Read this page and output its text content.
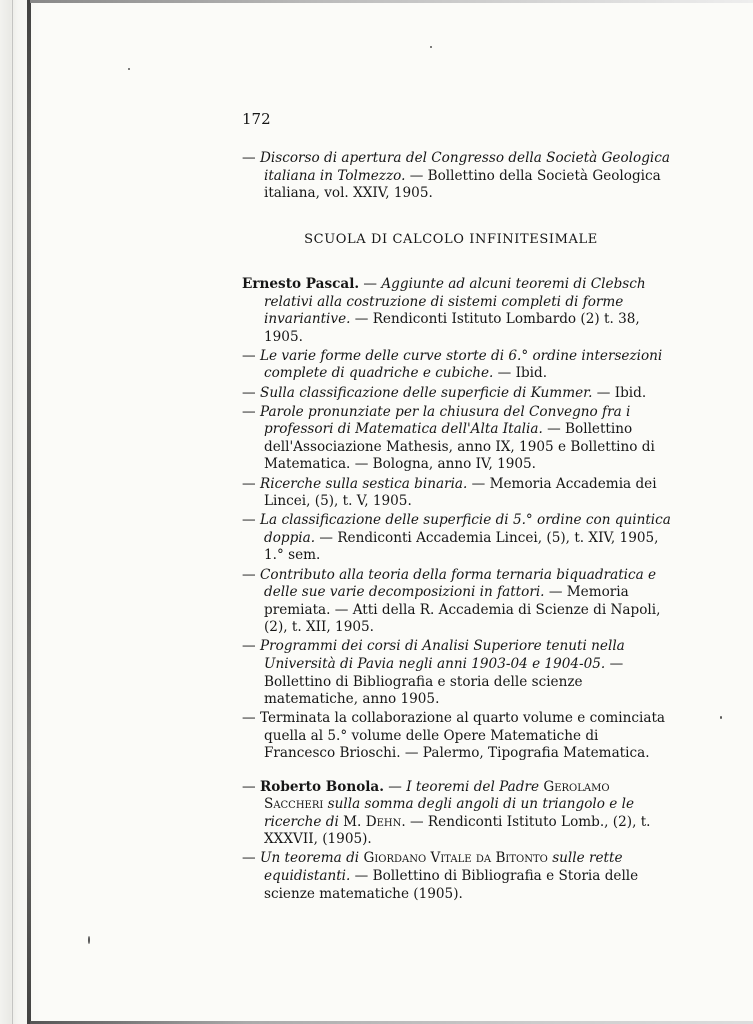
172

— Discorso di apertura del Congresso della Società Geologica italiana in Tolmezzo. — Bollettino della Società Geologica italiana, vol. XXIV, 1905.

SCUOLA DI CALCOLO INFINITESIMALE

Ernesto Pascal. — Aggiunte ad alcuni teoremi di Clebsch relativi alla costruzione di sistemi completi di forme invariantive. — Rendiconti Istituto Lombardo (2) t. 38, 1905.

— Le varie forme delle curve storte di 6.° ordine intersezioni complete di quadriche e cubiche. — Ibid.

— Sulla classificazione delle superficie di Kummer. — Ibid.

— Parole pronunziate per la chiusura del Convegno fra i professori di Matematica dell'Alta Italia. — Bollettino dell'Associazione Mathesis, anno IX, 1905 e Bollettino di Matematica. — Bologna, anno IV, 1905.

— Ricerche sulla sestica binaria. — Memoria Accademia dei Lincei, (5), t. V, 1905.

— La classificazione delle superficie di 5.° ordine con quintica doppia. — Rendiconti Accademia Lincei, (5), t. XIV, 1905, 1.° sem.

— Contributo alla teoria della forma ternaria biquadratica e delle sue varie decomposizioni in fattori. — Memoria premiata. — Atti della R. Accademia di Scienze di Napoli, (2), t. XII, 1905.

— Programmi dei corsi di Analisi Superiore tenuti nella Università di Pavia negli anni 1903-04 e 1904-05. — Bollettino di Bibliografia e storia delle scienze matematiche, anno 1905.

— Terminata la collaborazione al quarto volume e cominciata quella al 5.° volume delle Opere Matematiche di Francesco Brioschi. — Palermo, Tipografia Matematica.

— Roberto Bonola. — I teoremi del Padre Gerolamo Saccheri sulla somma degli angoli di un triangolo e le ricerche di M. Dehn. — Rendiconti Istituto Lomb., (2), t. XXXVII, (1905).

— Un teorema di Giordano Vitale da Bitonto sulle rette equidistanti. — Bollettino di Bibliografia e Storia delle scienze matematiche (1905).
